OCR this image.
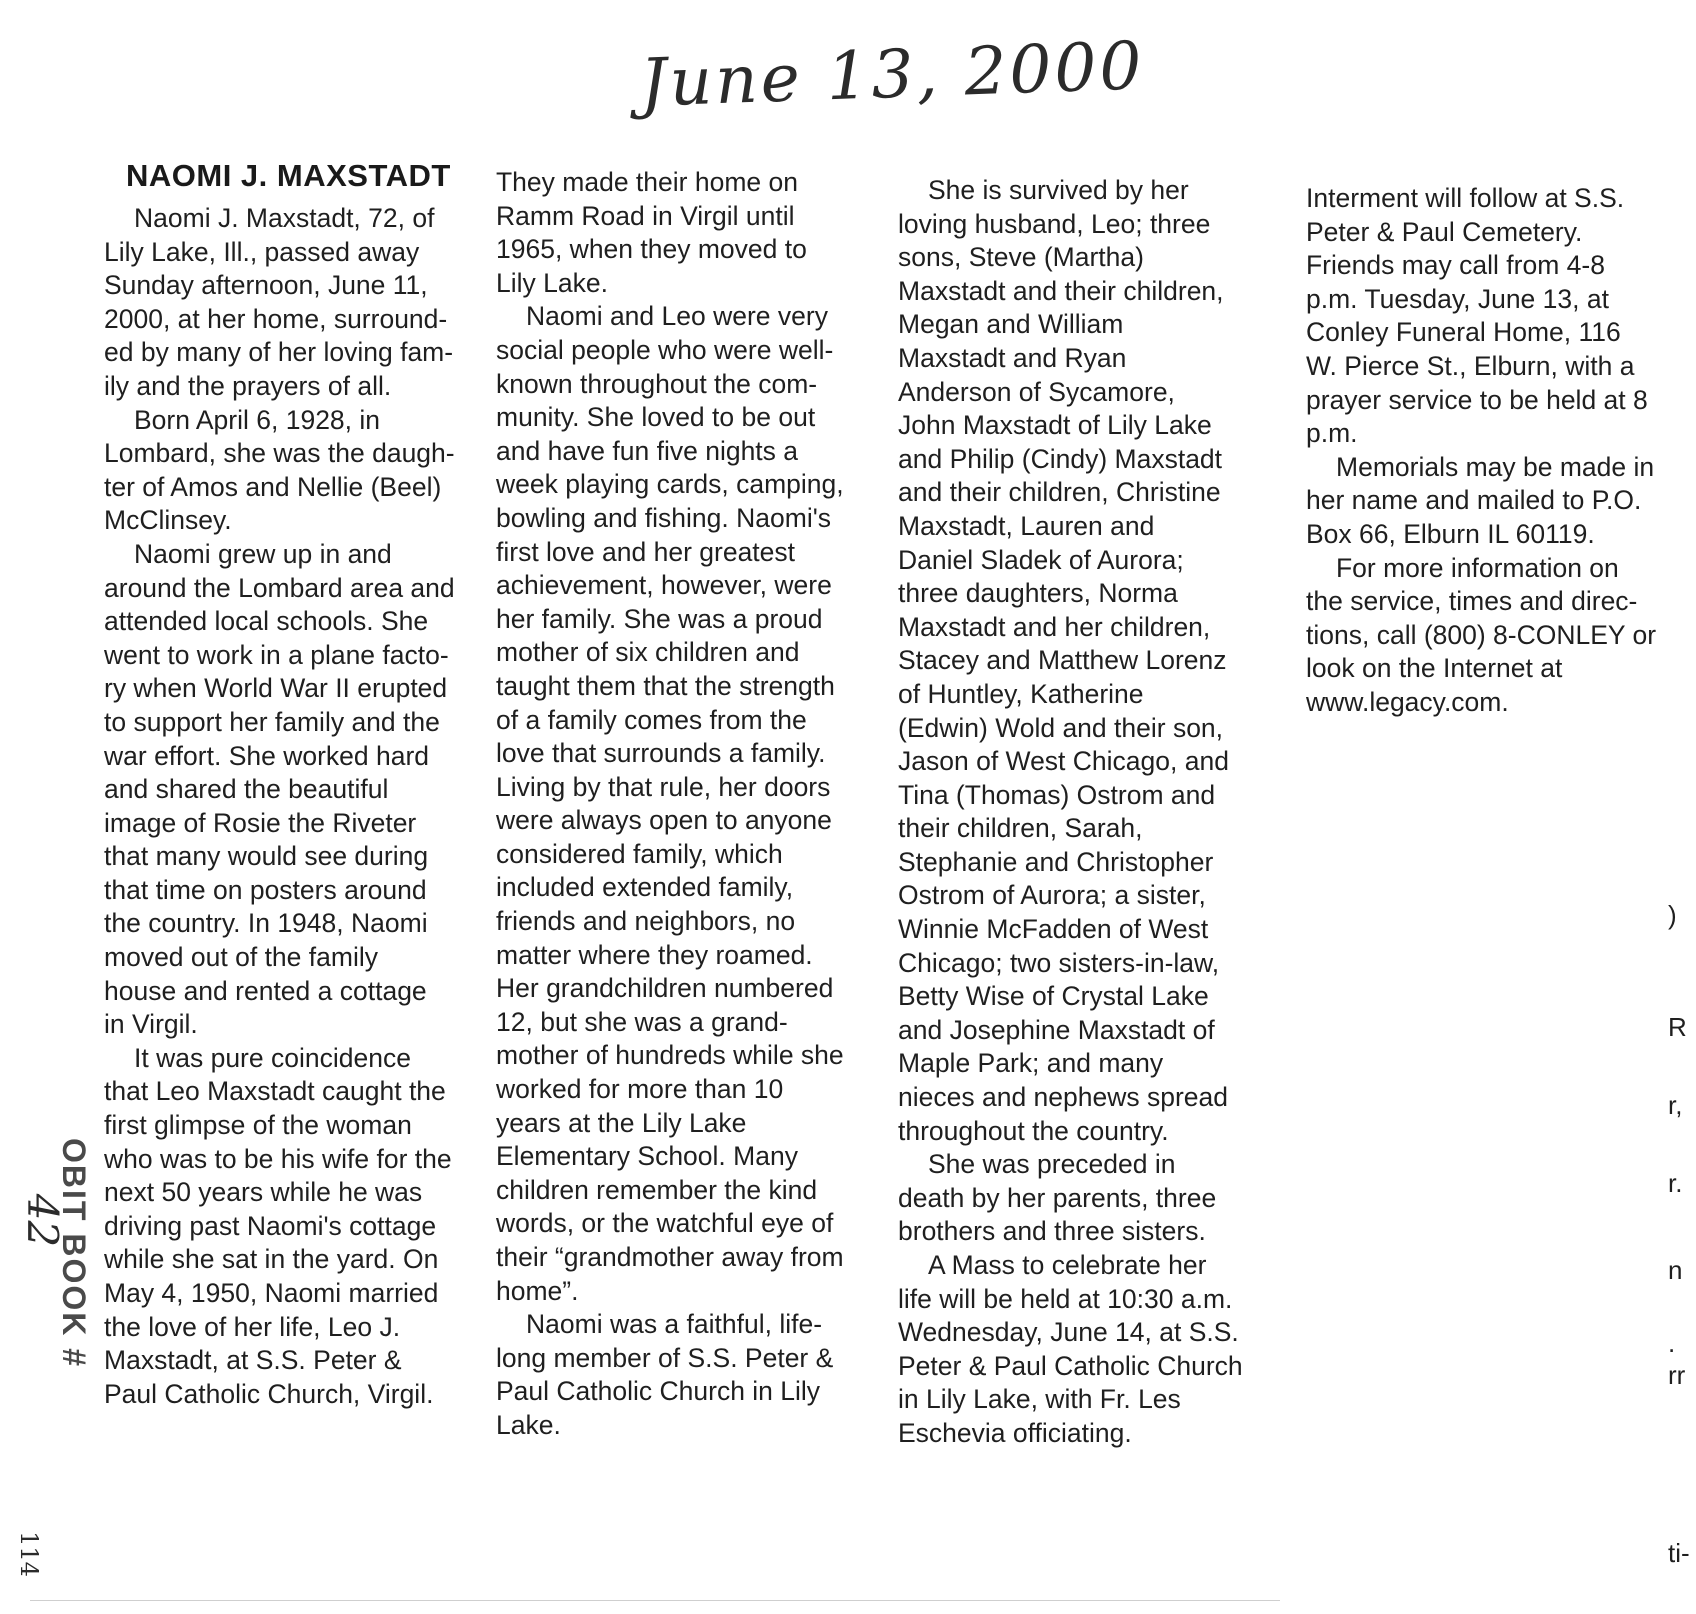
June 13, 2000
NAOMI J. MAXSTADT
Naomi J. Maxstadt, 72, of
Lily Lake, Ill., passed away
Sunday afternoon, June 11,
2000, at her home, surround-
ed by many of her loving fam-
ily and the prayers of all.
Born April 6, 1928, in
Lombard, she was the daugh-
ter of Amos and Nellie (Beel)
McClinsey.
Naomi grew up in and
around the Lombard area and
attended local schools. She
went to work in a plane facto-
ry when World War II erupted
to support her family and the
war effort. She worked hard
and shared the beautiful
image of Rosie the Riveter
that many would see during
that time on posters around
the country. In 1948, Naomi
moved out of the family
house and rented a cottage
in Virgil.
It was pure coincidence
that Leo Maxstadt caught the
first glimpse of the woman
who was to be his wife for the
next 50 years while he was
driving past Naomi's cottage
while she sat in the yard. On
May 4, 1950, Naomi married
the love of her life, Leo J.
Maxstadt, at S.S. Peter &
Paul Catholic Church, Virgil.
They made their home on
Ramm Road in Virgil until
1965, when they moved to
Lily Lake.
Naomi and Leo were very
social people who were well-
known throughout the com-
munity. She loved to be out
and have fun five nights a
week playing cards, camping,
bowling and fishing. Naomi's
first love and her greatest
achievement, however, were
her family. She was a proud
mother of six children and
taught them that the strength
of a family comes from the
love that surrounds a family.
Living by that rule, her doors
were always open to anyone
considered family, which
included extended family,
friends and neighbors, no
matter where they roamed.
Her grandchildren numbered
12, but she was a grand-
mother of hundreds while she
worked for more than 10
years at the Lily Lake
Elementary School. Many
children remember the kind
words, or the watchful eye of
their “grandmother away from
home”.
Naomi was a faithful, life-
long member of S.S. Peter &
Paul Catholic Church in Lily
Lake.
She is survived by her
loving husband, Leo; three
sons, Steve (Martha)
Maxstadt and their children,
Megan and William
Maxstadt and Ryan
Anderson of Sycamore,
John Maxstadt of Lily Lake
and Philip (Cindy) Maxstadt
and their children, Christine
Maxstadt, Lauren and
Daniel Sladek of Aurora;
three daughters, Norma
Maxstadt and her children,
Stacey and Matthew Lorenz
of Huntley, Katherine
(Edwin) Wold and their son,
Jason of West Chicago, and
Tina (Thomas) Ostrom and
their children, Sarah,
Stephanie and Christopher
Ostrom of Aurora; a sister,
Winnie McFadden of West
Chicago; two sisters-in-law,
Betty Wise of Crystal Lake
and Josephine Maxstadt of
Maple Park; and many
nieces and nephews spread
throughout the country.
She was preceded in
death by her parents, three
brothers and three sisters.
A Mass to celebrate her
life will be held at 10:30 a.m.
Wednesday, June 14, at S.S.
Peter & Paul Catholic Church
in Lily Lake, with Fr. Les
Eschevia officiating.
Interment will follow at S.S.
Peter & Paul Cemetery.
Friends may call from 4-8
p.m. Tuesday, June 13, at
Conley Funeral Home, 116
W. Pierce St., Elburn, with a
prayer service to be held at 8
p.m.
Memorials may be made in
her name and mailed to P.O.
Box 66, Elburn IL 60119.
For more information on
the service, times and direc-
tions, call (800) 8-CONLEY or
look on the Internet at
www.legacy.com.
OBIT BOOK #
42
114
)
R
r,
r.
n
.
rr
ti-
